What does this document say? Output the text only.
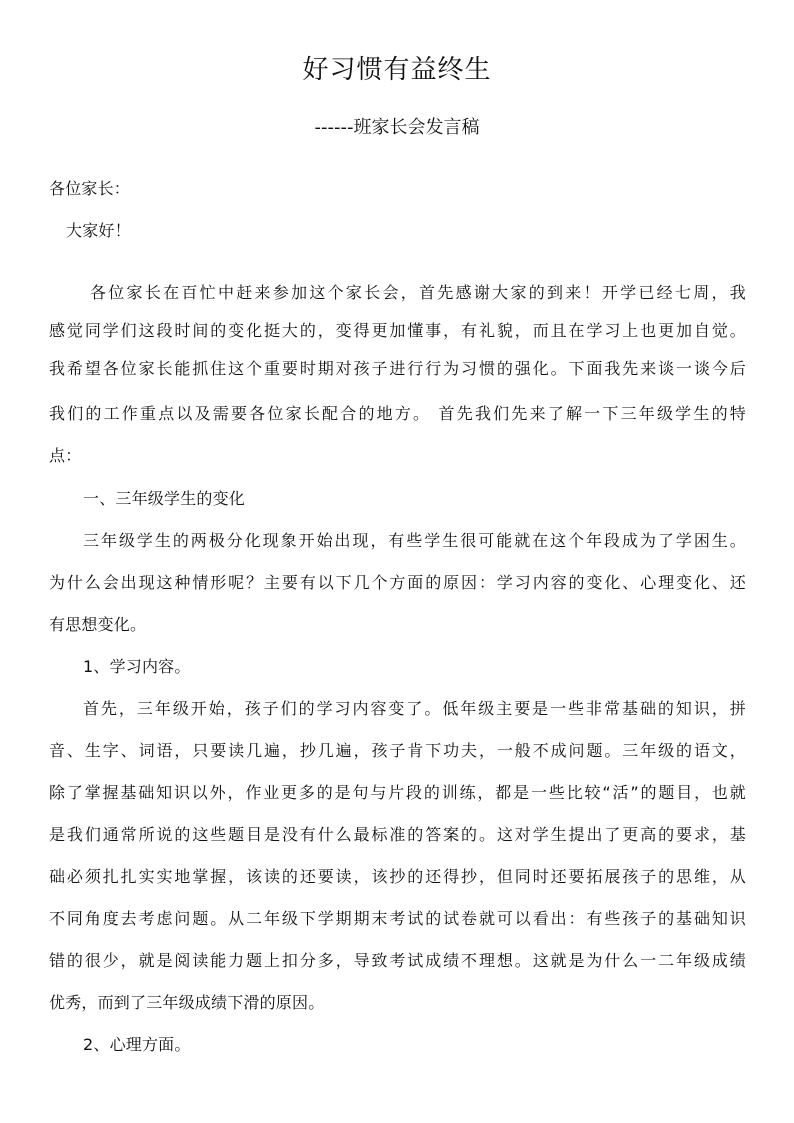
好习惯有益终生
------班家长会发言稿
各位家长：
大家好！
各位家长在百忙中赶来参加这个家长会，首先感谢大家的到来！开学已经七周，我
感觉同学们这段时间的变化挺大的，变得更加懂事，有礼貌，而且在学习上也更加自觉。
我希望各位家长能抓住这个重要时期对孩子进行行为习惯的强化。下面我先来谈一谈今后
我们的工作重点以及需要各位家长配合的地方。 首先我们先来了解一下三年级学生的特
点：
一、三年级学生的变化
三年级学生的两极分化现象开始出现，有些学生很可能就在这个年段成为了学困生。
为什么会出现这种情形呢？主要有以下几个方面的原因：学习内容的变化、心理变化、还
有思想变化。
1、学习内容。
首先，三年级开始，孩子们的学习内容变了。低年级主要是一些非常基础的知识，拼
音、生字、词语，只要读几遍，抄几遍，孩子肯下功夫，一般不成问题。三年级的语文，
除了掌握基础知识以外，作业更多的是句与片段的训练，都是一些比较“活”的题目，也就
是我们通常所说的这些题目是没有什么最标准的答案的。这对学生提出了更高的要求，基
础必须扎扎实实地掌握，该读的还要读，该抄的还得抄，但同时还要拓展孩子的思维，从
不同角度去考虑问题。从二年级下学期期末考试的试卷就可以看出：有些孩子的基础知识
错的很少，就是阅读能力题上扣分多，导致考试成绩不理想。这就是为什么一二年级成绩
优秀，而到了三年级成绩下滑的原因。
2、心理方面。
